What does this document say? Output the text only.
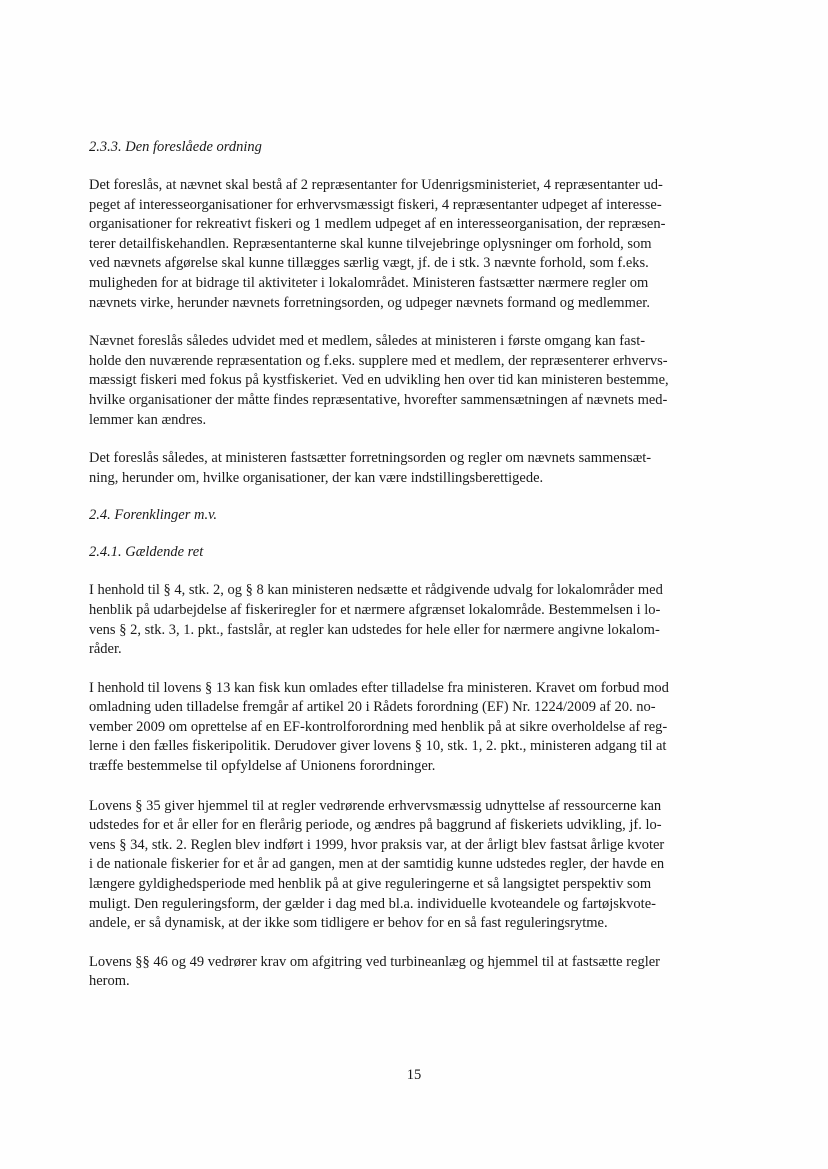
2.3.3. Den foreslåede ordning

Det foreslås, at nævnet skal bestå af 2 repræsentanter for Udenrigsministeriet, 4 repræsentanter ud-
peget af interesseorganisationer for erhvervsmæssigt fiskeri, 4 repræsentanter udpeget af interesse-
organisationer for rekreativt fiskeri og 1 medlem udpeget af en interesseorganisation, der repræsen-
terer detailfiskehandlen. Repræsentanterne skal kunne tilvejebringe oplysninger om forhold, som
ved nævnets afgørelse skal kunne tillægges særlig vægt, jf. de i stk. 3 nævnte forhold, som f.eks.
muligheden for at bidrage til aktiviteter i lokalområdet. Ministeren fastsætter nærmere regler om
nævnets virke, herunder nævnets forretningsorden, og udpeger nævnets formand og medlemmer.

Nævnet foreslås således udvidet med et medlem, således at ministeren i første omgang kan fast-
holde den nuværende repræsentation og f.eks. supplere med et medlem, der repræsenterer erhvervs-
mæssigt fiskeri med fokus på kystfiskeriet. Ved en udvikling hen over tid kan ministeren bestemme,
hvilke organisationer der måtte findes repræsentative, hvorefter sammensætningen af nævnets med-
lemmer kan ændres.

Det foreslås således, at ministeren fastsætter forretningsorden og regler om nævnets sammensæt-
ning, herunder om, hvilke organisationer, der kan være indstillingsberettigede.

2.4. Forenklinger m.v.

2.4.1. Gældende ret

I henhold til § 4, stk. 2, og § 8 kan ministeren nedsætte et rådgivende udvalg for lokalområder med
henblik på udarbejdelse af fiskeriregler for et nærmere afgrænset lokalområde. Bestemmelsen i lo-
vens § 2, stk. 3, 1. pkt., fastslår, at regler kan udstedes for hele eller for nærmere angivne lokalom-
råder.

I henhold til lovens § 13 kan fisk kun omlades efter tilladelse fra ministeren. Kravet om forbud mod
omladning uden tilladelse fremgår af artikel 20 i Rådets forordning (EF) Nr. 1224/2009 af 20. no-
vember 2009 om oprettelse af en EF-kontrolforordning med henblik på at sikre overholdelse af reg-
lerne i den fælles fiskeripolitik. Derudover giver lovens § 10, stk. 1, 2. pkt., ministeren adgang til at
træffe bestemmelse til opfyldelse af Unionens forordninger.

Lovens § 35 giver hjemmel til at regler vedrørende erhvervsmæssig udnyttelse af ressourcerne kan
udstedes for et år eller for en flerårig periode, og ændres på baggrund af fiskeriets udvikling, jf. lo-
vens § 34, stk. 2. Reglen blev indført i 1999, hvor praksis var, at der årligt blev fastsat årlige kvoter
i de nationale fiskerier for et år ad gangen, men at der samtidig kunne udstedes regler, der havde en
længere gyldighedsperiode med henblik på at give reguleringerne et så langsigtet perspektiv som
muligt. Den reguleringsform, der gælder i dag med bl.a. individuelle kvoteandele og fartøjskvote-
andele, er så dynamisk, at der ikke som tidligere er behov for en så fast reguleringsrytme.

Lovens §§ 46 og 49 vedrører krav om afgitring ved turbineanlæg og hjemmel til at fastsætte regler
herom.

15
